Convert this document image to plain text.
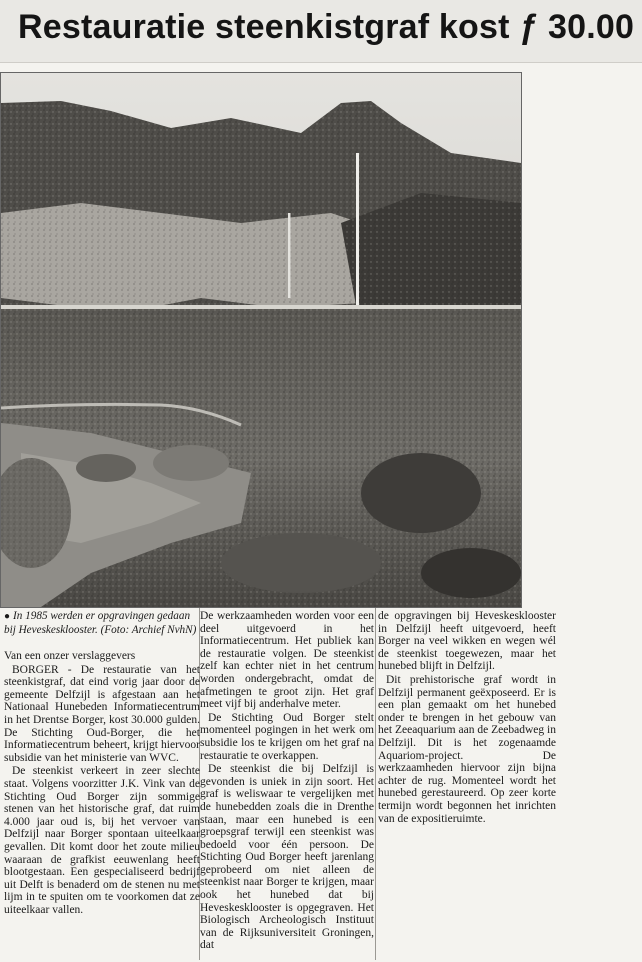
Restauratie steenkistgraf kost ƒ 30.00
● In 1985 werden er opgravingen gedaan bij Heveskesklooster. (Foto: Archief NvhN)

Van een onzer verslaggevers

BORGER - De restauratie van het steenkistgraf, dat eind vorig jaar door de gemeente Delfzijl is afgestaan aan het Nationaal Hunebeden Informatiecentrum in het Drentse Borger, kost 30.000 gulden. De Stichting Oud-Borger, die het Informatiecentrum beheert, krijgt hiervoor subsidie van het ministerie van WVC.

De steenkist verkeert in zeer slechte staat. Volgens voorzitter J.K. Vink van de Stichting Oud Borger zijn sommige stenen van het historische graf, dat ruim 4.000 jaar oud is, bij het vervoer van Delfzijl naar Borger spontaan uiteelkaar gevallen. Dit komt door het zoute milieu waaraan de grafkist eeuwenlang heeft blootgestaan. Een gespecialiseerd bedrijf uit Delft is benaderd om de stenen nu met lijm in te spuiten om te voorkomen dat ze uiteelkaar vallen.

De werkzaamheden worden voor een deel uitgevoerd in het Informatiecentrum. Het publiek kan de restauratie volgen. De steenkist zelf kan echter niet in het centrum worden ondergebracht, omdat de afmetingen te groot zijn. Het graf meet vijf bij anderhalve meter.

De Stichting Oud Borger stelt momenteel pogingen in het werk om subsidie los te krijgen om het graf na restauratie te overkappen.

De steenkist die bij Delfzijl is gevonden is uniek in zijn soort. Het graf is weliswaar te vergelijken met de hunebedden zoals die in Drenthe staan, maar een hunebed is een groepsgraf terwijl een steenkist was bedoeld voor één persoon. De Stichting Oud Borger heeft jarenlang geprobeerd om niet alleen de steenkist naar Borger te krijgen, maar ook het hunebed dat bij Heveskesklooster is opgegraven. Het Biologisch Archeologisch Instituut van de Rijksuniversiteit Groningen, dat

de opgravingen bij Heveskesklooster in Delfzijl heeft uitgevoerd, heeft Borger na veel wikken en wegen wél de steenkist toegewezen, maar het hunebed blijft in Delfzijl.

Dit prehistorische graf wordt in Delfzijl permanent geëxposeerd. Er is een plan gemaakt om het hunebed onder te brengen in het gebouw van het Zeeaquarium aan de Zeebadweg in Delfzijl. Dit is het zogenaamde Aquariom-project. De werkzaamheden hiervoor zijn bijna achter de rug. Momenteel wordt het hunebed gerestaureerd. Op zeer korte termijn wordt begonnen het inrichten van de expositieruimte.
